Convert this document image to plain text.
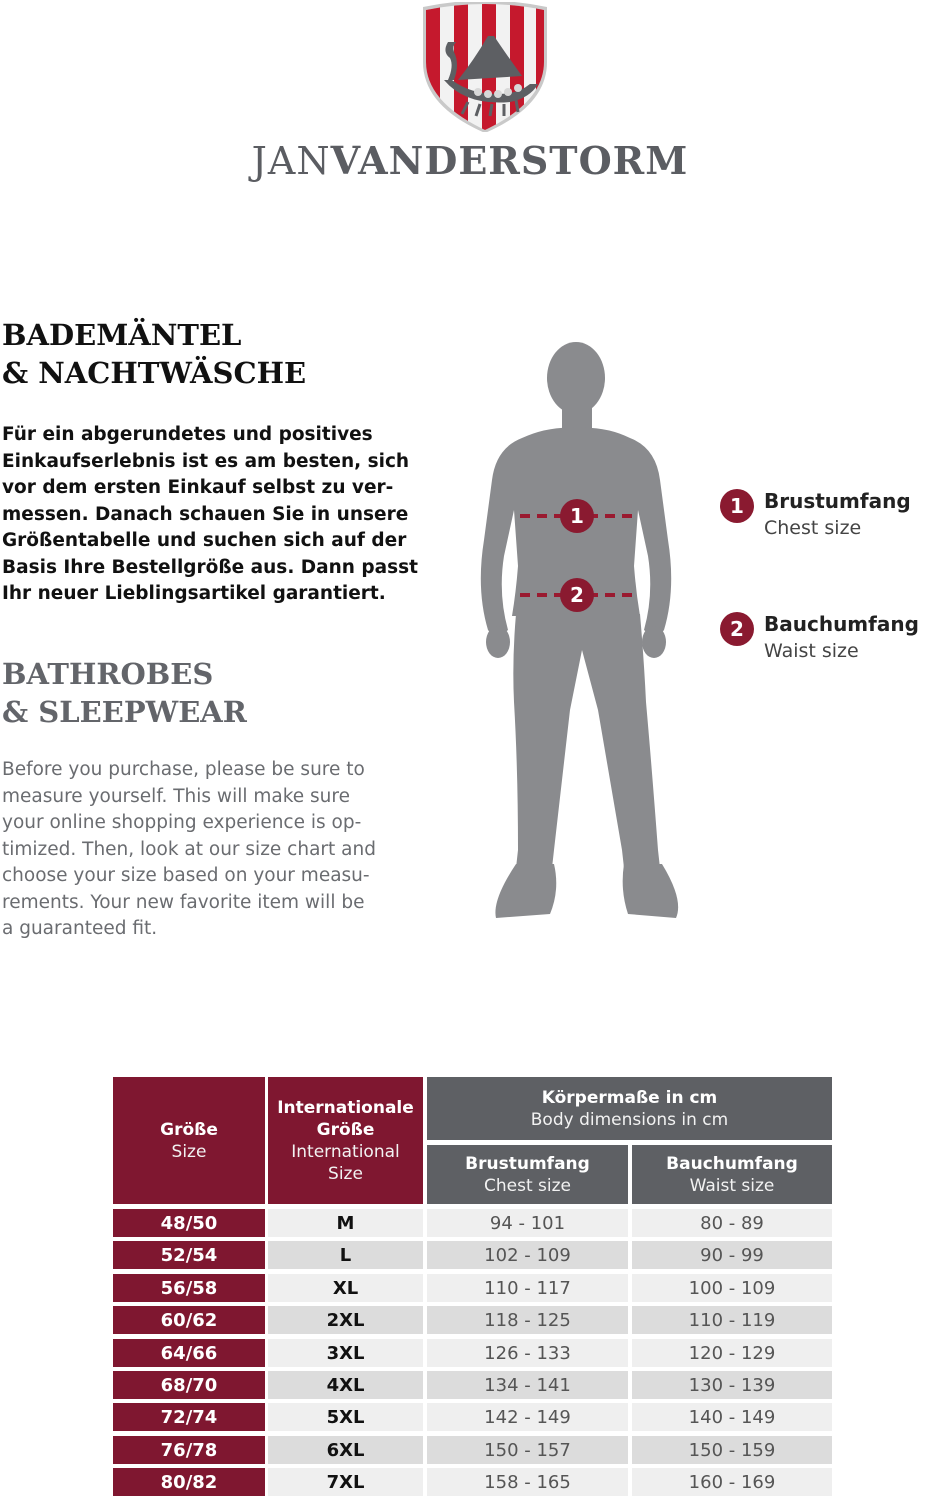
JANVANDERSTORM
BADEMÄNTEL
& NACHTWÄSCHE

Für ein abgerundetes und positives
Einkaufserlebnis ist es am besten, sich
vor dem ersten Einkauf selbst zu ver-
messen. Danach schauen Sie in unsere
Größentabelle und suchen sich auf der
Basis Ihre Bestellgröße aus. Dann passt
Ihr neuer Lieblingsartikel garantiert.

BATHROBES
& SLEEPWEAR

Before you purchase, please be sure to
measure yourself. This will make sure
your online shopping experience is op-
timized. Then, look at our size chart and
choose your size based on your measu-
rements. Your new favorite item will be
a guaranteed fit.

1
2
1	Brustumfang
Chest size
2	Bauchumfang
Waist size
Größe
Size
Internationale
Größe
International
Size
Körpermaße in cm
Body dimensions in cm
Brustumfang
Chest size
Bauchumfang
Waist size
48/50	M	94 - 101	80 - 89
52/54	L	102 - 109	90 - 99
56/58	XL	110 - 117	100 - 109
60/62	2XL	118 - 125	110 - 119
64/66	3XL	126 - 133	120 - 129
68/70	4XL	134 - 141	130 - 139
72/74	5XL	142 - 149	140 - 149
76/78	6XL	150 - 157	150 - 159
80/82	7XL	158 - 165	160 - 169
